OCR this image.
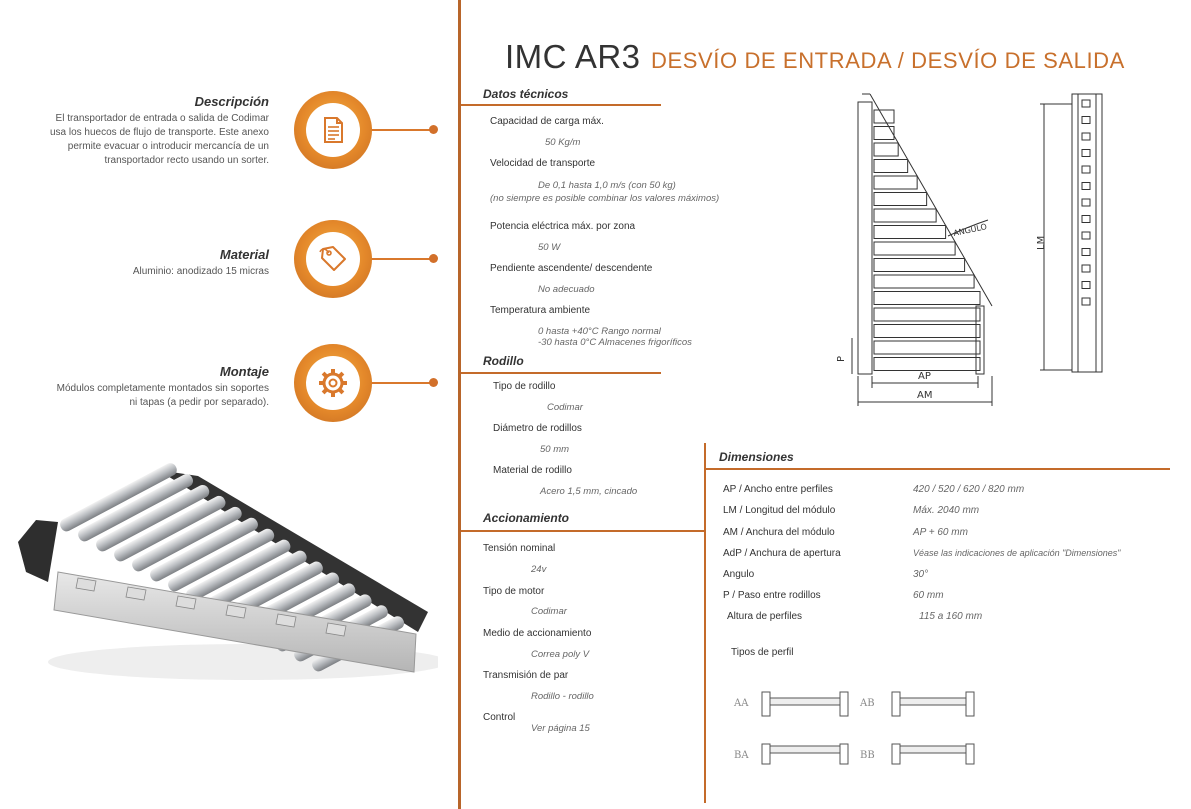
IMC AR3 DESVÍO DE ENTRADA / DESVÍO DE SALIDA
Descripción
El transportador de entrada o salida de Codimar
usa los huecos de flujo de transporte. Este anexo
permite evacuar o introducir mercancía de un
transportador recto usando un sorter.
Material
Aluminio: anodizado 15 micras
Montaje
Módulos completamente montados sin soportes
ni tapas (a pedir por separado).
Datos técnicos
Capacidad de carga máx.
50 Kg/m
Velocidad de transporte
De 0,1 hasta 1,0 m/s (con 50 kg)
(no siempre es posible combinar los valores máximos)
Potencia eléctrica máx. por zona
50 W
Pendiente ascendente/ descendente
No adecuado
Temperatura ambiente
0 hasta +40°C Rango normal
-30 hasta 0°C Almacenes frigoríficos
Rodillo
Tipo de rodillo
Codimar
Diámetro de rodillos
50 mm
Material de rodillo
Acero 1,5 mm, cincado
Accionamiento
Tensión nominal
24v
Tipo de motor
Codimar
Medio de accionamiento
Correa poly V
Transmisión de par
Rodillo - rodillo
Control
Ver página 15
Dimensiones
AP / Ancho entre perfiles	420 / 520 / 620 / 820 mm
LM / Longitud del módulo	Máx. 2040 mm
AM / Anchura del módulo	AP + 60 mm
AdP / Anchura de apertura	Véase las indicaciones de aplicación "Dimensiones"
Angulo	30°
P / Paso entre rodillos	60 mm
Altura de perfiles	115 a 160 mm
Tipos de perfil
AA	AB
BA	BB
ANGULO
P
AP
AM
LM
